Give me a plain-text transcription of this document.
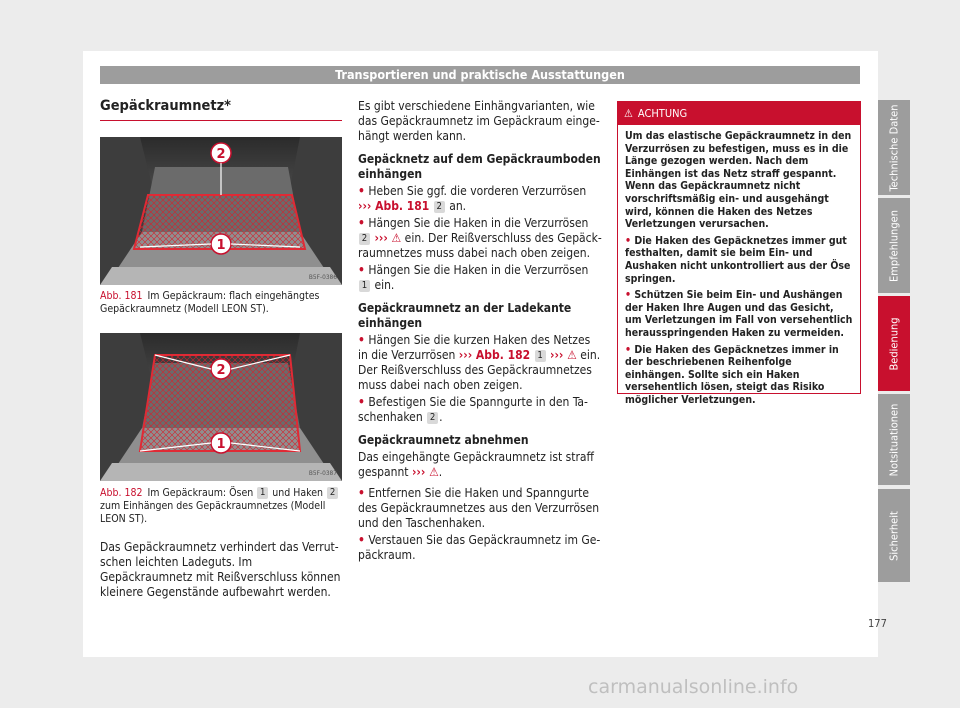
Transportieren und praktische Ausstattungen
Gepäckraumnetz*
2
1
B5F-0386
Abb. 181 Im Gepäckraum: flach eingehängtes Gepäckraumnetz (Modell LEON ST).
2
1
B5F-0387
Abb. 182 Im Gepäckraum: Ösen 1 und Haken 2 zum Einhängen des Gepäckraumnetzes (Modell LEON ST).
Das Gepäckraumnetz verhindert das Verrutschen leichten Ladeguts. Im Gepäckraumnetz mit Reißverschluss können kleinere Gegenstände aufbewahrt werden.

Es gibt verschiedene Einhängvarianten, wie das Gepäckraumnetz im Gepäckraum eingehängt werden kann.

Gepäcknetz auf dem Gepäckraumboden einhängen
• Heben Sie ggf. die vorderen Verzurrösen ››› Abb. 181 2 an.
• Hängen Sie die Haken in die Verzurrösen 2 ››› ⚠ ein. Der Reißverschluss des Gepäckraumnetzes muss dabei nach oben zeigen.
• Hängen Sie die Haken in die Verzurrösen 1 ein.
Gepäckraumnetz an der Ladekante einhängen
• Hängen Sie die kurzen Haken des Netzes in die Verzurrösen ››› Abb. 182 1 ››› ⚠ ein. Der Reißverschluss des Gepäckraumnetzes muss dabei nach oben zeigen.
• Befestigen Sie die Spanngurte in den Taschenhaken 2 .
Gepäckraumnetz abnehmen
Das eingehängte Gepäckraumnetz ist straff gespannt ››› ⚠.
• Entfernen Sie die Haken und Spanngurte des Gepäckraumnetzes aus den Verzurrösen und den Taschenhaken.
• Verstauen Sie das Gepäckraumnetz im Gepäckraum.
⚠ ACHTUNG

Um das elastische Gepäckraumnetz in den Verzurrösen zu befestigen, muss es in die Länge gezogen werden. Nach dem Einhängen ist das Netz straff gespannt. Wenn das Gepäckraumnetz nicht vorschriftsmäßig ein- und ausgehängt wird, können die Haken des Netzes Verletzungen verursachen.

• Die Haken des Gepäcknetzes immer gut festhalten, damit sie beim Ein- und Aushaken nicht unkontrolliert aus der Öse springen.

• Schützen Sie beim Ein- und Aushängen der Haken Ihre Augen und das Gesicht, um Verletzungen im Fall von versehentlich herausspringenden Haken zu vermeiden.

• Die Haken des Gepäcknetzes immer in der beschriebenen Reihenfolge einhängen. Sollte sich ein Haken versehentlich lösen, steigt das Risiko möglicher Verletzungen.

Technische Daten
Empfehlungen
Bedienung
Notsituationen
Sicherheit
177
carmanualsonline.info
